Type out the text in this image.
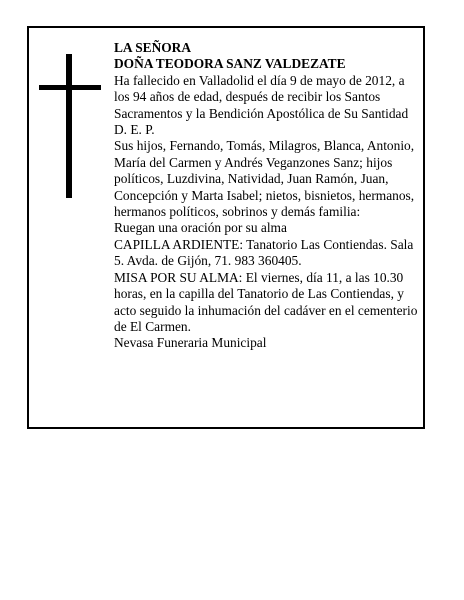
LA SEÑORA

DOÑA TEODORA SANZ VALDEZATE

Ha fallecido en Valladolid el día 9 de mayo de 2012, a los 94 años de edad, después de recibir los Santos Sacramentos y la Bendición Apostólica de Su Santidad

D. E. P.

Sus hijos, Fernando, Tomás, Milagros, Blanca, Antonio, María del Carmen y Andrés Veganzones Sanz; hijos políticos, Luzdivina, Natividad, Juan Ramón, Juan, Concepción y Marta Isabel; nietos, bisnietos, hermanos, hermanos políticos, sobrinos y demás familia:

Ruegan una oración por su alma

CAPILLA ARDIENTE: Tanatorio Las Contiendas. Sala 5. Avda. de Gijón, 71. 983 360405.

MISA POR SU ALMA: El viernes, día 11, a las 10.30 horas, en la capilla del Tanatorio de Las Contiendas, y acto seguido la inhumación del cadáver en el cementerio de El Carmen.

Nevasa Funeraria Municipal
